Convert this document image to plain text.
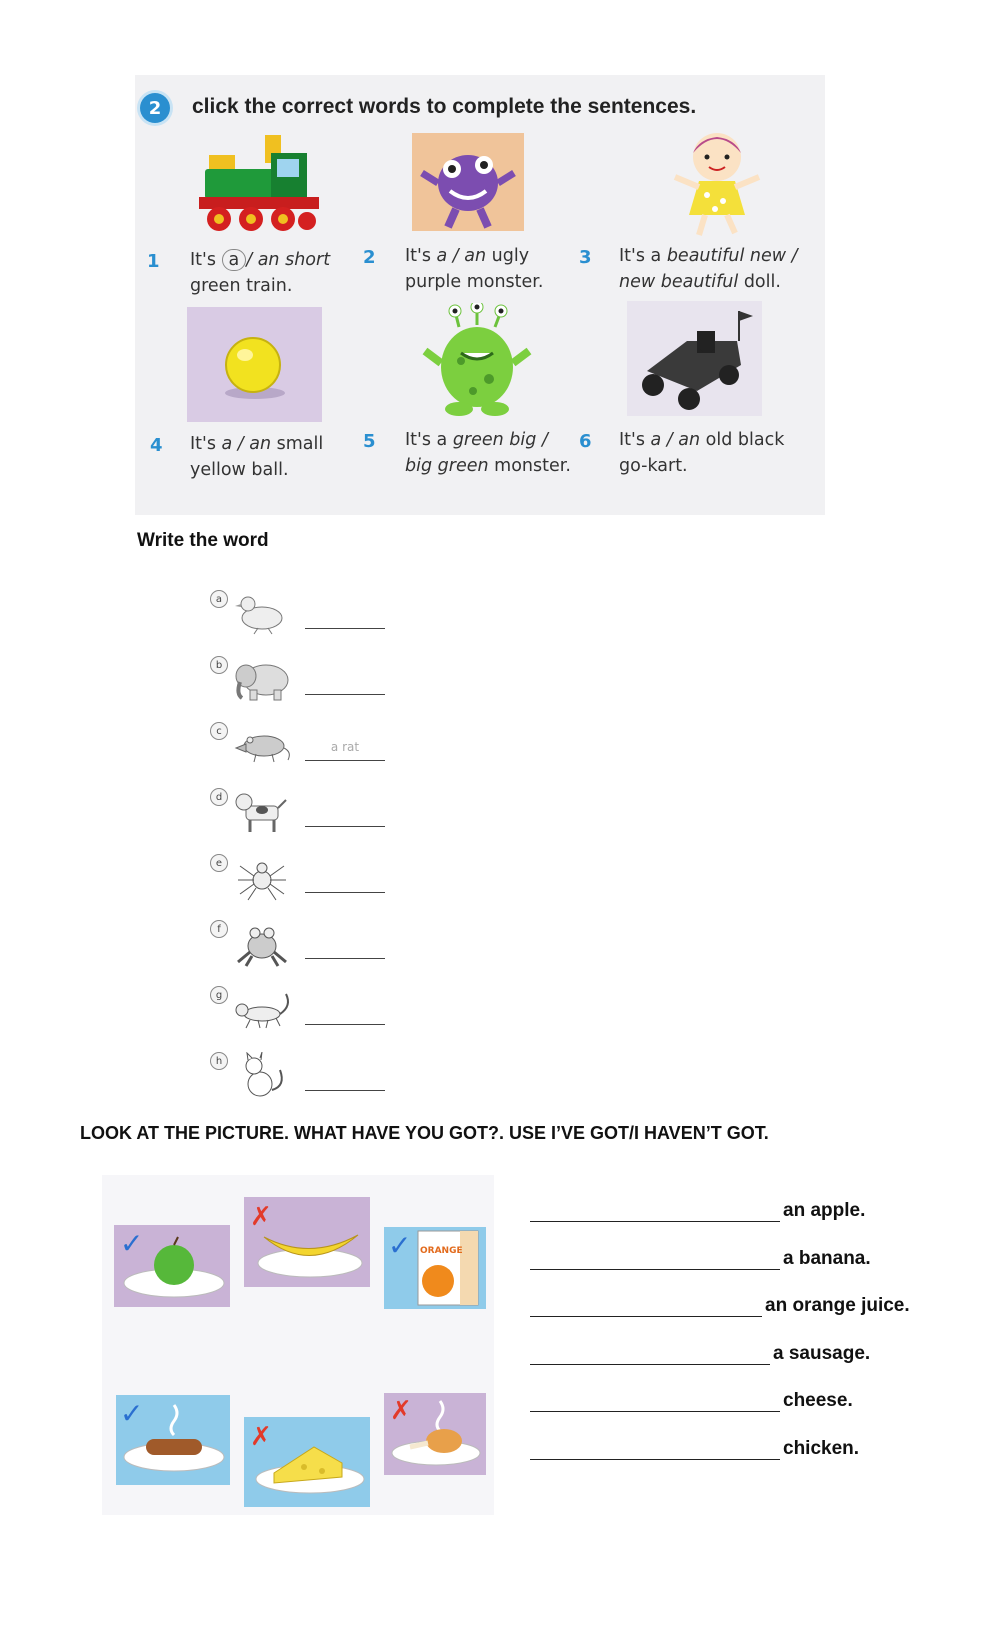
2	click the correct words to complete the sentences.
1 It's a / an short
green train.
2 It's a / an ugly
purple monster.
3 It's a beautiful new /
new beautiful doll.
4 It's a / an small
yellow ball.
5 It's a green big /
big green monster.
6 It's a / an old black
go-kart.
Write the word
a
b
c
a rat
d
e
f
g
h
LOOK AT THE PICTURE. WHAT HAVE YOU GOT?. USE I’VE GOT/I HAVEN’T GOT.
✓
✗
ORANGE
✓
✓
✗
✗
an apple.
a banana.
an orange juice.
a sausage.
cheese.
chicken.
